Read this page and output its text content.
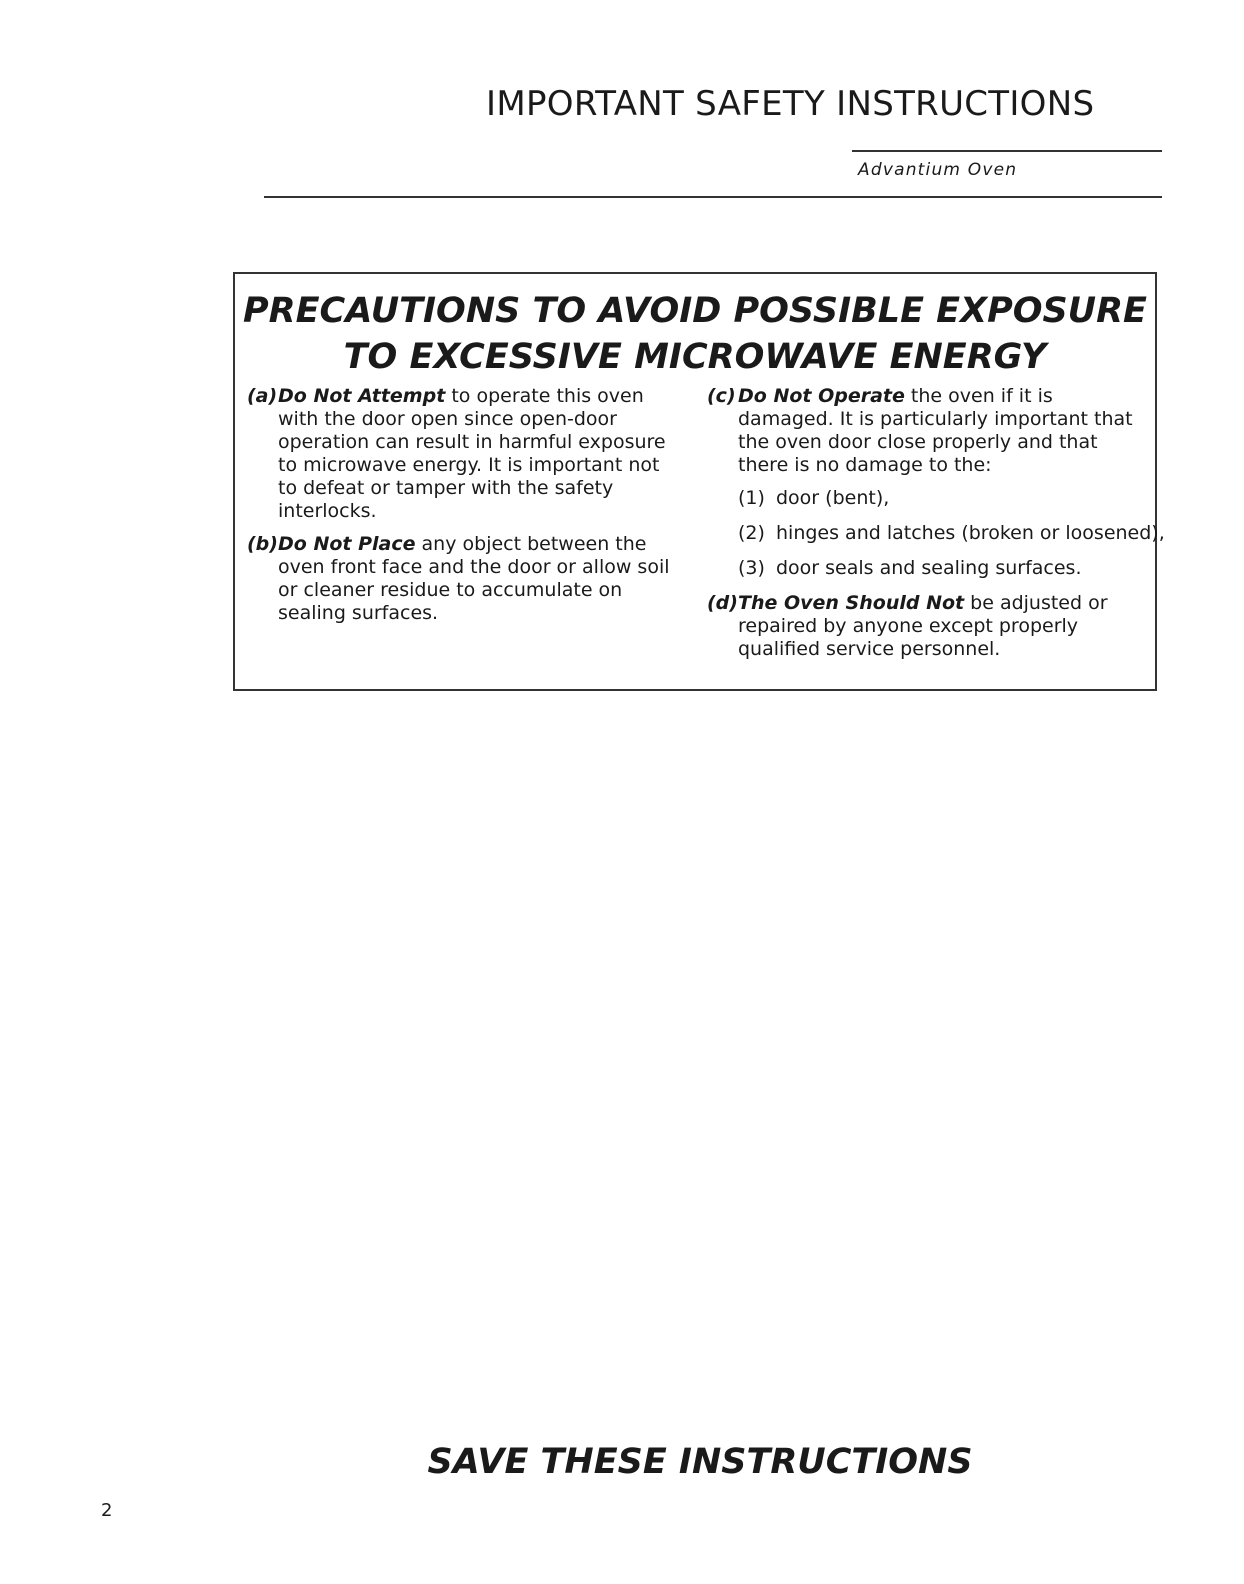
IMPORTANT SAFETY INSTRUCTIONS
Advantium Oven
PRECAUTIONS TO AVOID POSSIBLE EXPOSURE
TO EXCESSIVE MICROWAVE ENERGY
(a) Do Not Attempt to operate this oven with the door open since open-door operation can result in harmful exposure to microwave energy. It is important not to defeat or tamper with the safety interlocks.
(b) Do Not Place any object between the oven front face and the door or allow soil or cleaner residue to accumulate on sealing surfaces.
(c) Do Not Operate the oven if it is damaged. It is particularly important that the oven door close properly and that there is no damage to the:
(1) door (bent),
(2) hinges and latches (broken or loosened),
(3) door seals and sealing surfaces.
(d) The Oven Should Not be adjusted or repaired by anyone except properly qualified service personnel.
SAVE THESE INSTRUCTIONS
2
